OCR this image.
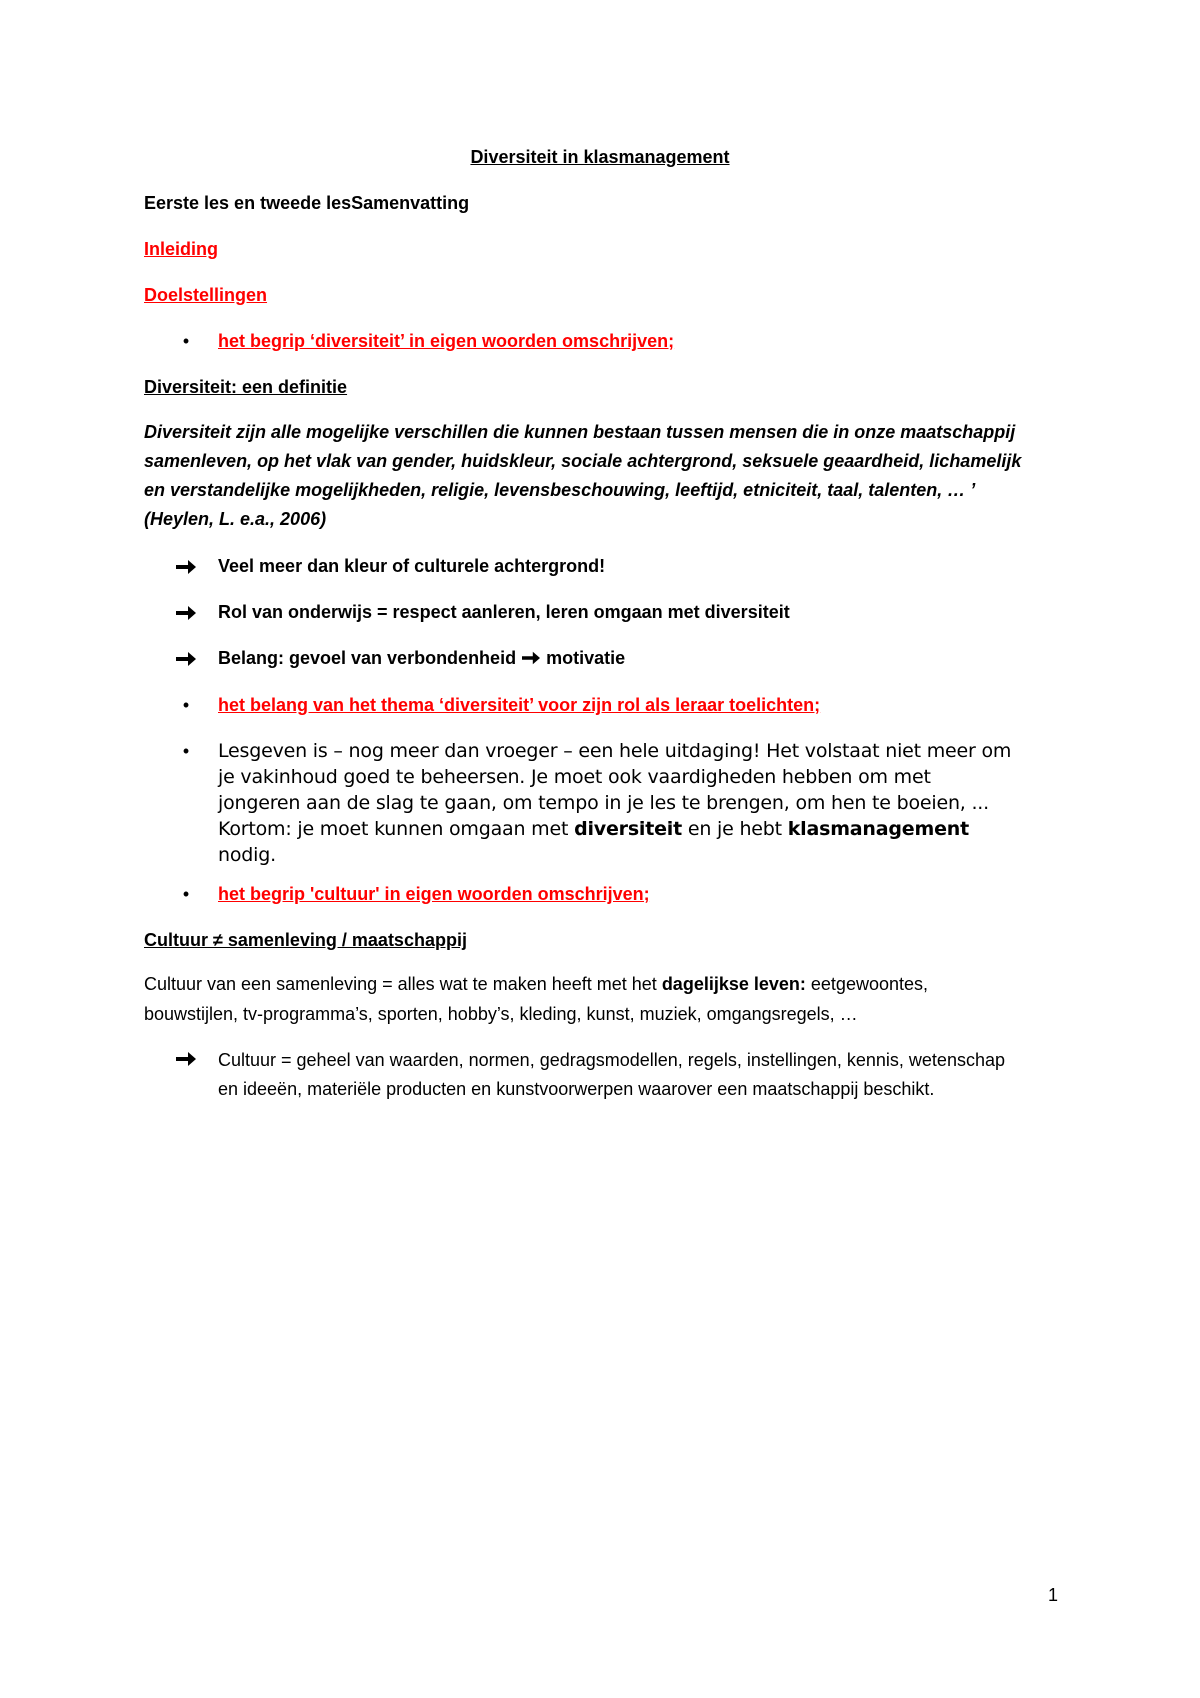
Diversiteit in klasmanagement
Eerste les en tweede lesSamenvatting
Inleiding
Doelstellingen
• het begrip ‘diversiteit’ in eigen woorden omschrijven;
Diversiteit: een definitie
Diversiteit zijn alle mogelijke verschillen die kunnen bestaan tussen mensen die in onze maatschappij samenleven, op het vlak van gender, huidskleur, sociale achtergrond, seksuele geaardheid, lichamelijk en verstandelijke mogelijkheden, religie, levensbeschouwing, leeftijd, etniciteit, taal, talenten, … ’ (Heylen, L. e.a., 2006)
Veel meer dan kleur of culturele achtergrond!
Rol van onderwijs = respect aanleren, leren omgaan met diversiteit
Belang: gevoel van verbondenheid motivatie
• het belang van het thema ‘diversiteit’ voor zijn rol als leraar toelichten;
• Lesgeven is – nog meer dan vroeger – een hele uitdaging! Het volstaat niet meer om je vakinhoud goed te beheersen. Je moet ook vaardigheden hebben om met jongeren aan de slag te gaan, om tempo in je les te brengen, om hen te boeien, ... Kortom: je moet kunnen omgaan met diversiteit en je hebt klasmanagement nodig.
• het begrip 'cultuur' in eigen woorden omschrijven;
Cultuur ≠ samenleving / maatschappij
Cultuur van een samenleving = alles wat te maken heeft met het dagelijkse leven: eetgewoontes, bouwstijlen, tv-programma’s, sporten, hobby’s, kleding, kunst, muziek, omgangsregels, …
Cultuur = geheel van waarden, normen, gedragsmodellen, regels, instellingen, kennis, wetenschap en ideeën, materiële producten en kunstvoorwerpen waarover een maatschappij beschikt.
1
